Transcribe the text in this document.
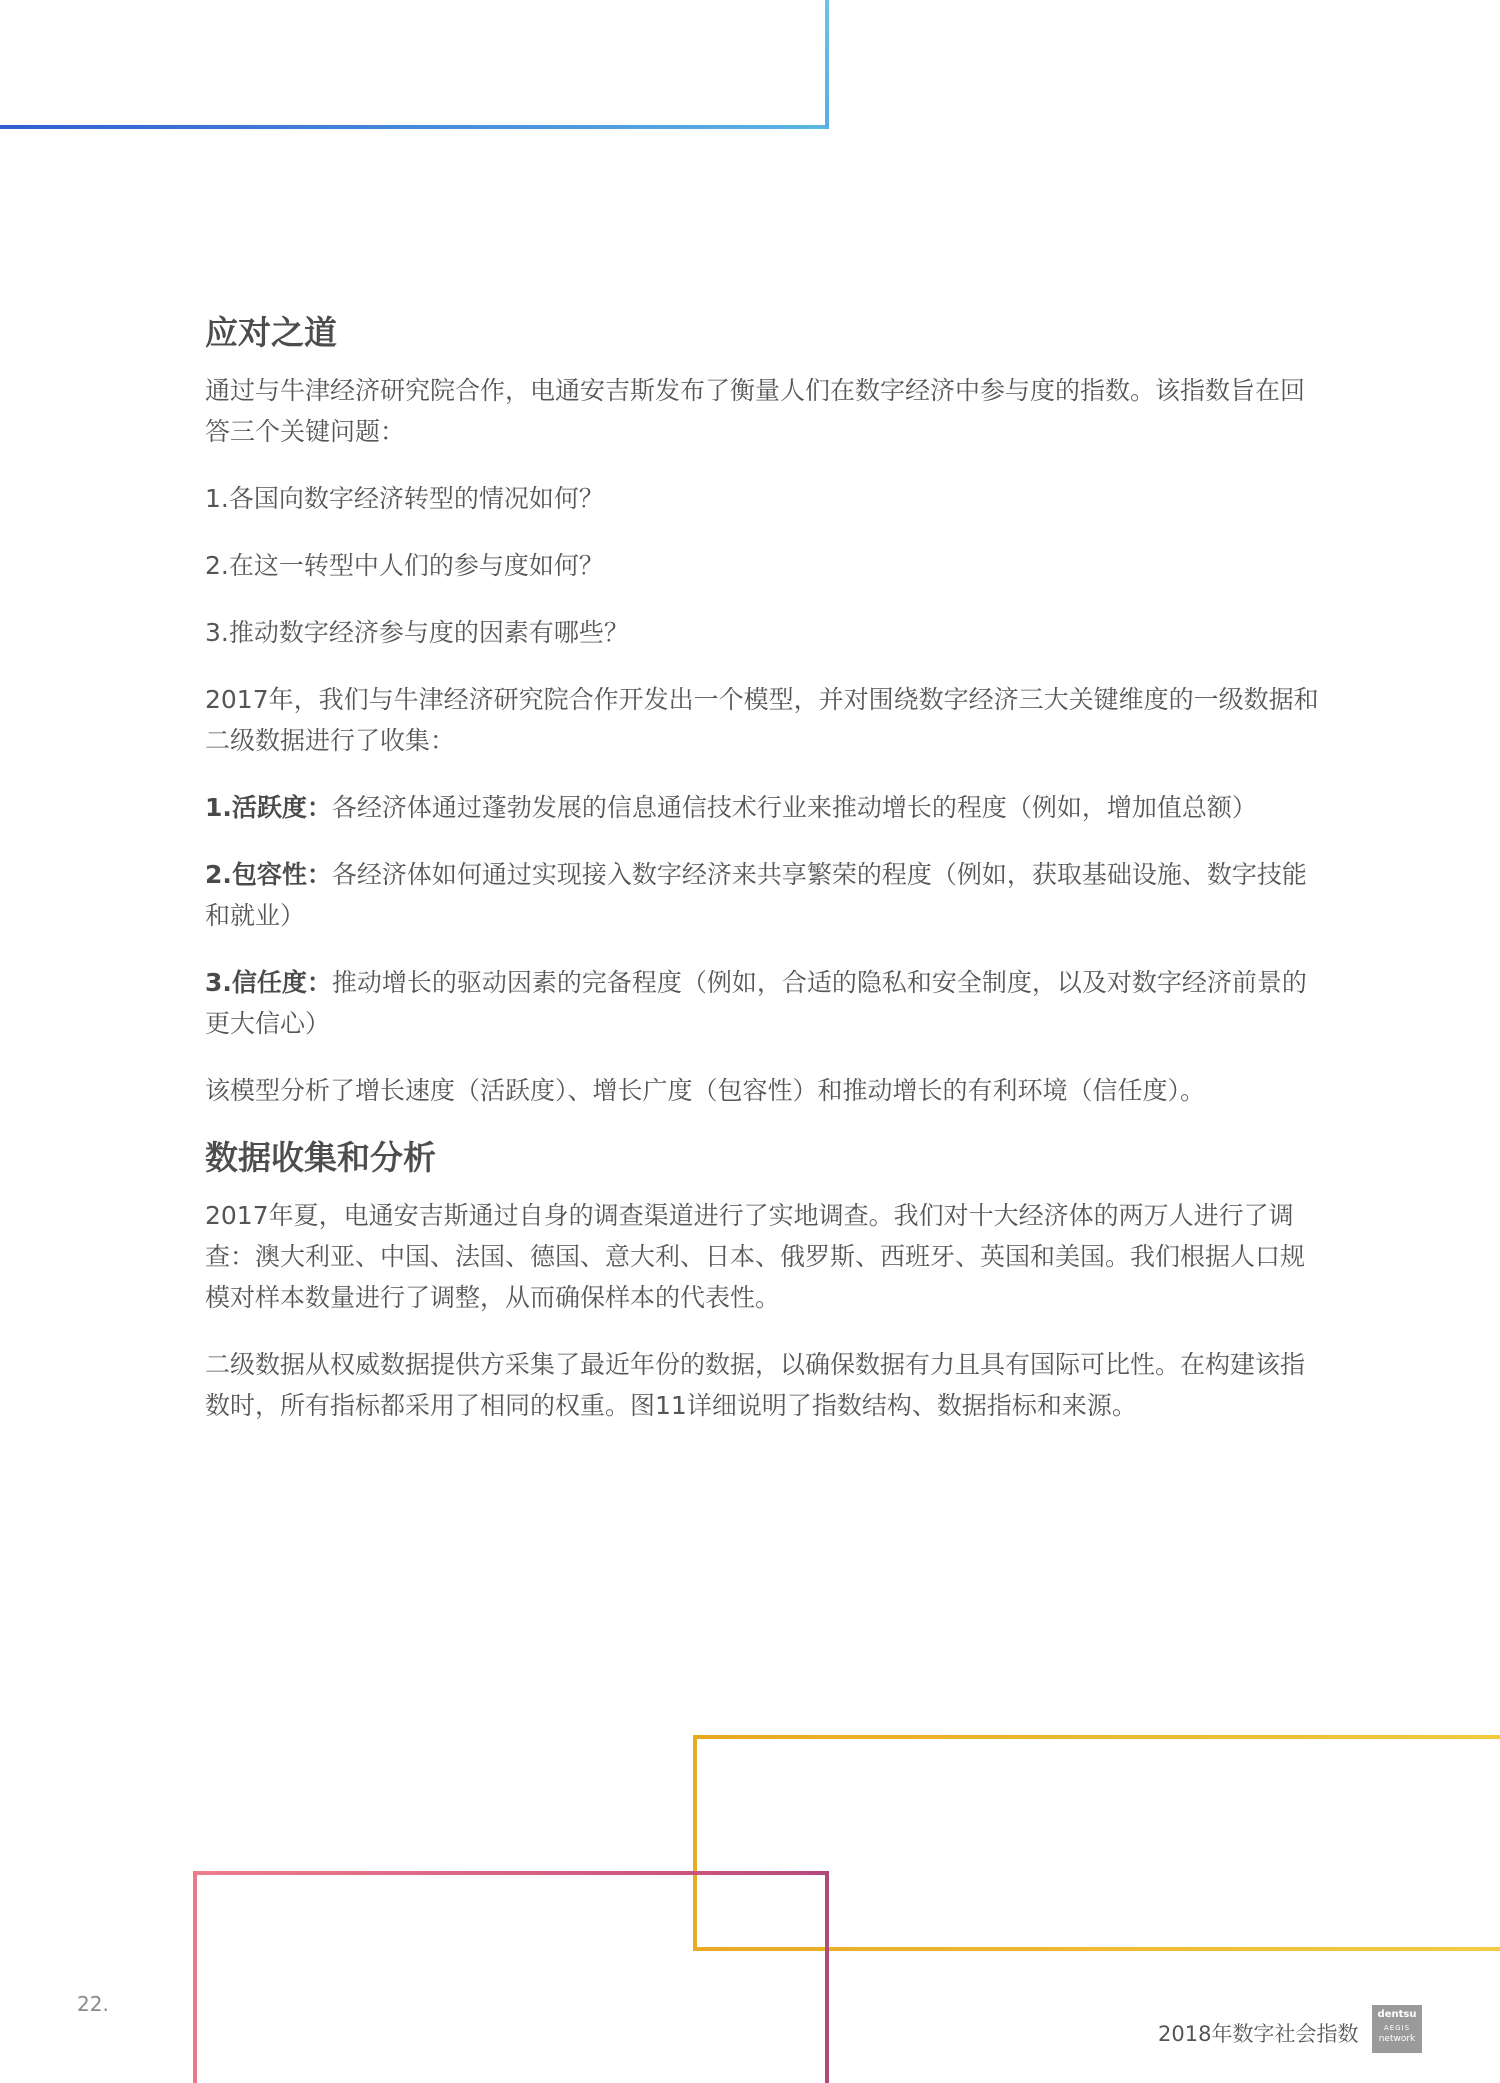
应对之道

通过与牛津经济研究院合作，电通安吉斯发布了衡量人们在数字经济中参与度的指数。该指数旨在回答三个关键问题：

1.各国向数字经济转型的情况如何？

2.在这一转型中人们的参与度如何？

3.推动数字经济参与度的因素有哪些？

2017年，我们与牛津经济研究院合作开发出一个模型，并对围绕数字经济三大关键维度的一级数据和二级数据进行了收集：

1.活跃度：各经济体通过蓬勃发展的信息通信技术行业来推动增长的程度（例如，增加值总额）

2.包容性：各经济体如何通过实现接入数字经济来共享繁荣的程度（例如，获取基础设施、数字技能和就业）

3.信任度：推动增长的驱动因素的完备程度（例如，合适的隐私和安全制度，以及对数字经济前景的更大信心）

该模型分析了增长速度（活跃度）、增长广度（包容性）和推动增长的有利环境（信任度）。

数据收集和分析

2017年夏，电通安吉斯通过自身的调查渠道进行了实地调查。我们对十大经济体的两万人进行了调查：澳大利亚、中国、法国、德国、意大利、日本、俄罗斯、西班牙、英国和美国。我们根据人口规模对样本数量进行了调整，从而确保样本的代表性。

二级数据从权威数据提供方采集了最近年份的数据，以确保数据有力且具有国际可比性。在构建该指数时，所有指标都采用了相同的权重。图11详细说明了指数结构、数据指标和来源。

22.
2018年数字社会指数
dentsu
AEGIS
network
